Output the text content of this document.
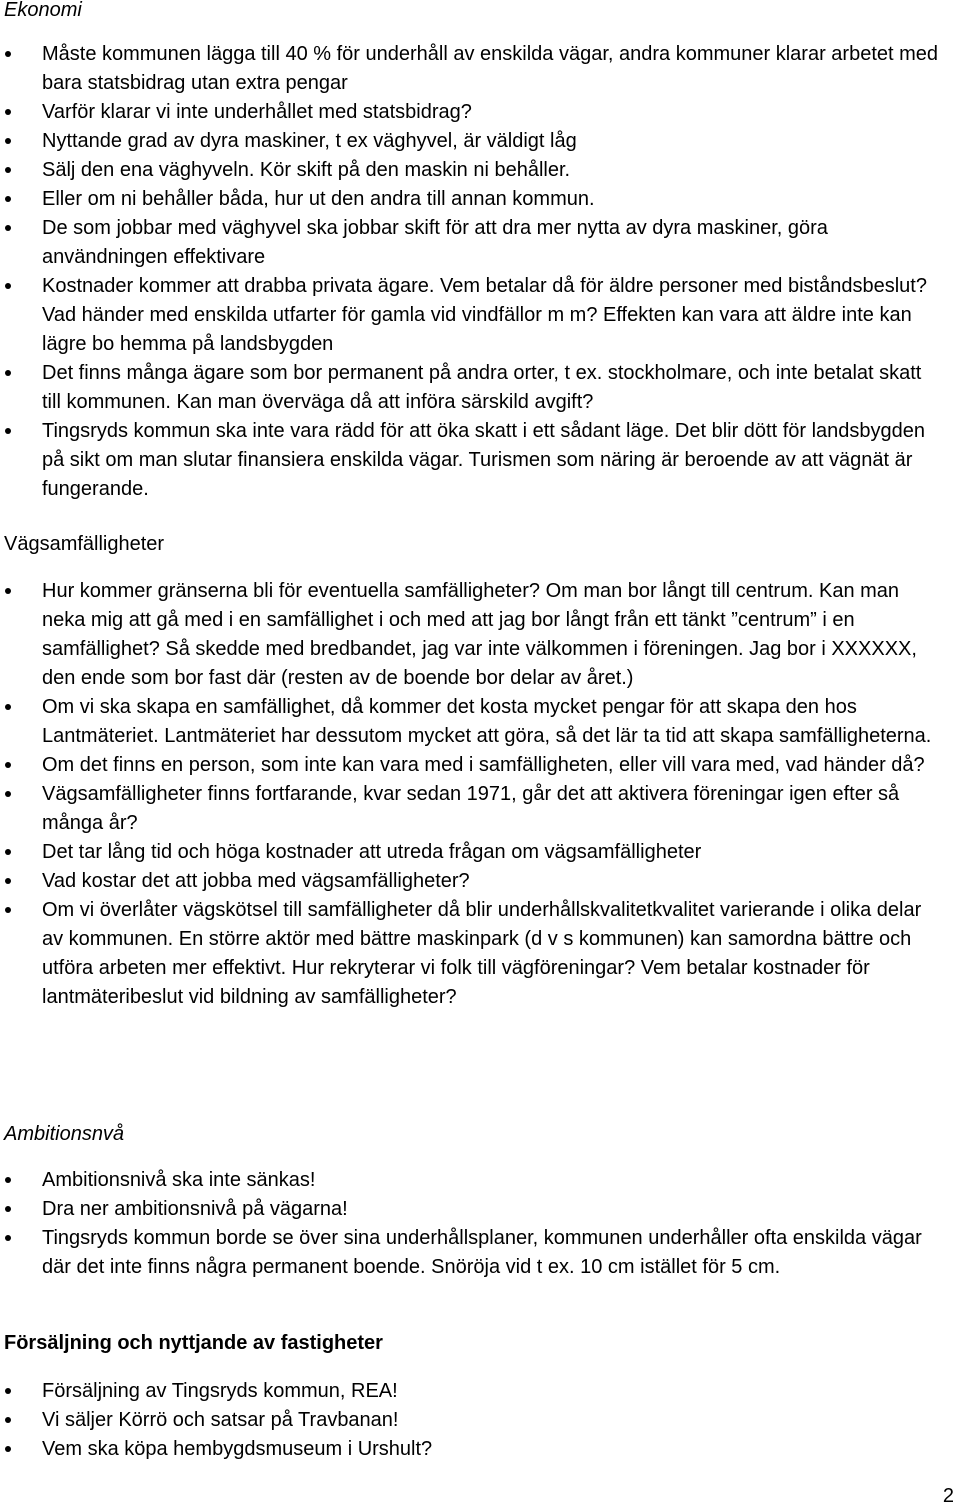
Ekonomi
Måste kommunen lägga till 40 % för underhåll av enskilda vägar, andra kommuner klarar arbetet med bara statsbidrag utan extra pengar
Varför klarar vi inte underhållet med statsbidrag?
Nyttande grad av dyra maskiner, t ex väghyvel, är väldigt låg
Sälj den ena väghyveln. Kör skift på den maskin ni behåller.
Eller om ni behåller båda, hur ut den andra till annan kommun.
De som jobbar med väghyvel ska jobbar skift för att dra mer nytta av dyra maskiner, göra användningen effektivare
Kostnader kommer att drabba privata ägare. Vem betalar då för äldre personer med biståndsbeslut? Vad händer med enskilda utfarter för gamla vid vindfällor m m? Effekten kan vara att äldre inte kan lägre bo hemma på landsbygden
Det finns många ägare som bor permanent på andra orter, t ex. stockholmare, och inte betalat skatt till kommunen. Kan man överväga då att införa särskild avgift?
Tingsryds kommun ska inte vara rädd för att öka skatt i ett sådant läge. Det blir dött för landsbygden på sikt om man slutar finansiera enskilda vägar. Turismen som näring är beroende av att vägnät är fungerande.
Vägsamfälligheter
Hur kommer gränserna bli för eventuella samfälligheter? Om man bor långt till centrum. Kan man neka mig att gå med i en samfällighet i och med att jag bor långt från ett tänkt ”centrum” i en samfällighet? Så skedde med bredbandet, jag var inte välkommen i föreningen. Jag bor i XXXXXX, den ende som bor fast där (resten av de boende bor delar av året.)
Om vi ska skapa en samfällighet, då kommer det kosta mycket pengar för att skapa den hos Lantmäteriet. Lantmäteriet har dessutom mycket att göra, så det lär ta tid att skapa samfälligheterna.
Om det finns en person, som inte kan vara med i samfälligheten, eller vill vara med, vad händer då?
Vägsamfälligheter finns fortfarande, kvar sedan 1971, går det att aktivera föreningar igen efter så många år?
Det tar lång tid och höga kostnader att utreda frågan om vägsamfälligheter
Vad kostar det att jobba med vägsamfälligheter?
Om vi överlåter vägskötsel till samfälligheter då blir underhållskvalitetkvalitet varierande i olika delar av kommunen. En större aktör med bättre maskinpark (d v s kommunen) kan samordna bättre och utföra arbeten mer effektivt. Hur rekryterar vi folk till vägföreningar? Vem betalar kostnader för lantmäteribeslut vid bildning av samfälligheter?
Ambitionsnvå
Ambitionsnivå ska inte sänkas!
Dra ner ambitionsnivå på vägarna!
Tingsryds kommun borde se över sina underhållsplaner, kommunen underhåller ofta enskilda vägar där det inte finns några permanent boende. Snöröja vid t ex. 10 cm istället för 5 cm.
Försäljning och nyttjande av fastigheter
Försäljning av Tingsryds kommun, REA!
Vi säljer Körrö och satsar på Travbanan!
Vem ska köpa hembygdsmuseum i Urshult?
2
